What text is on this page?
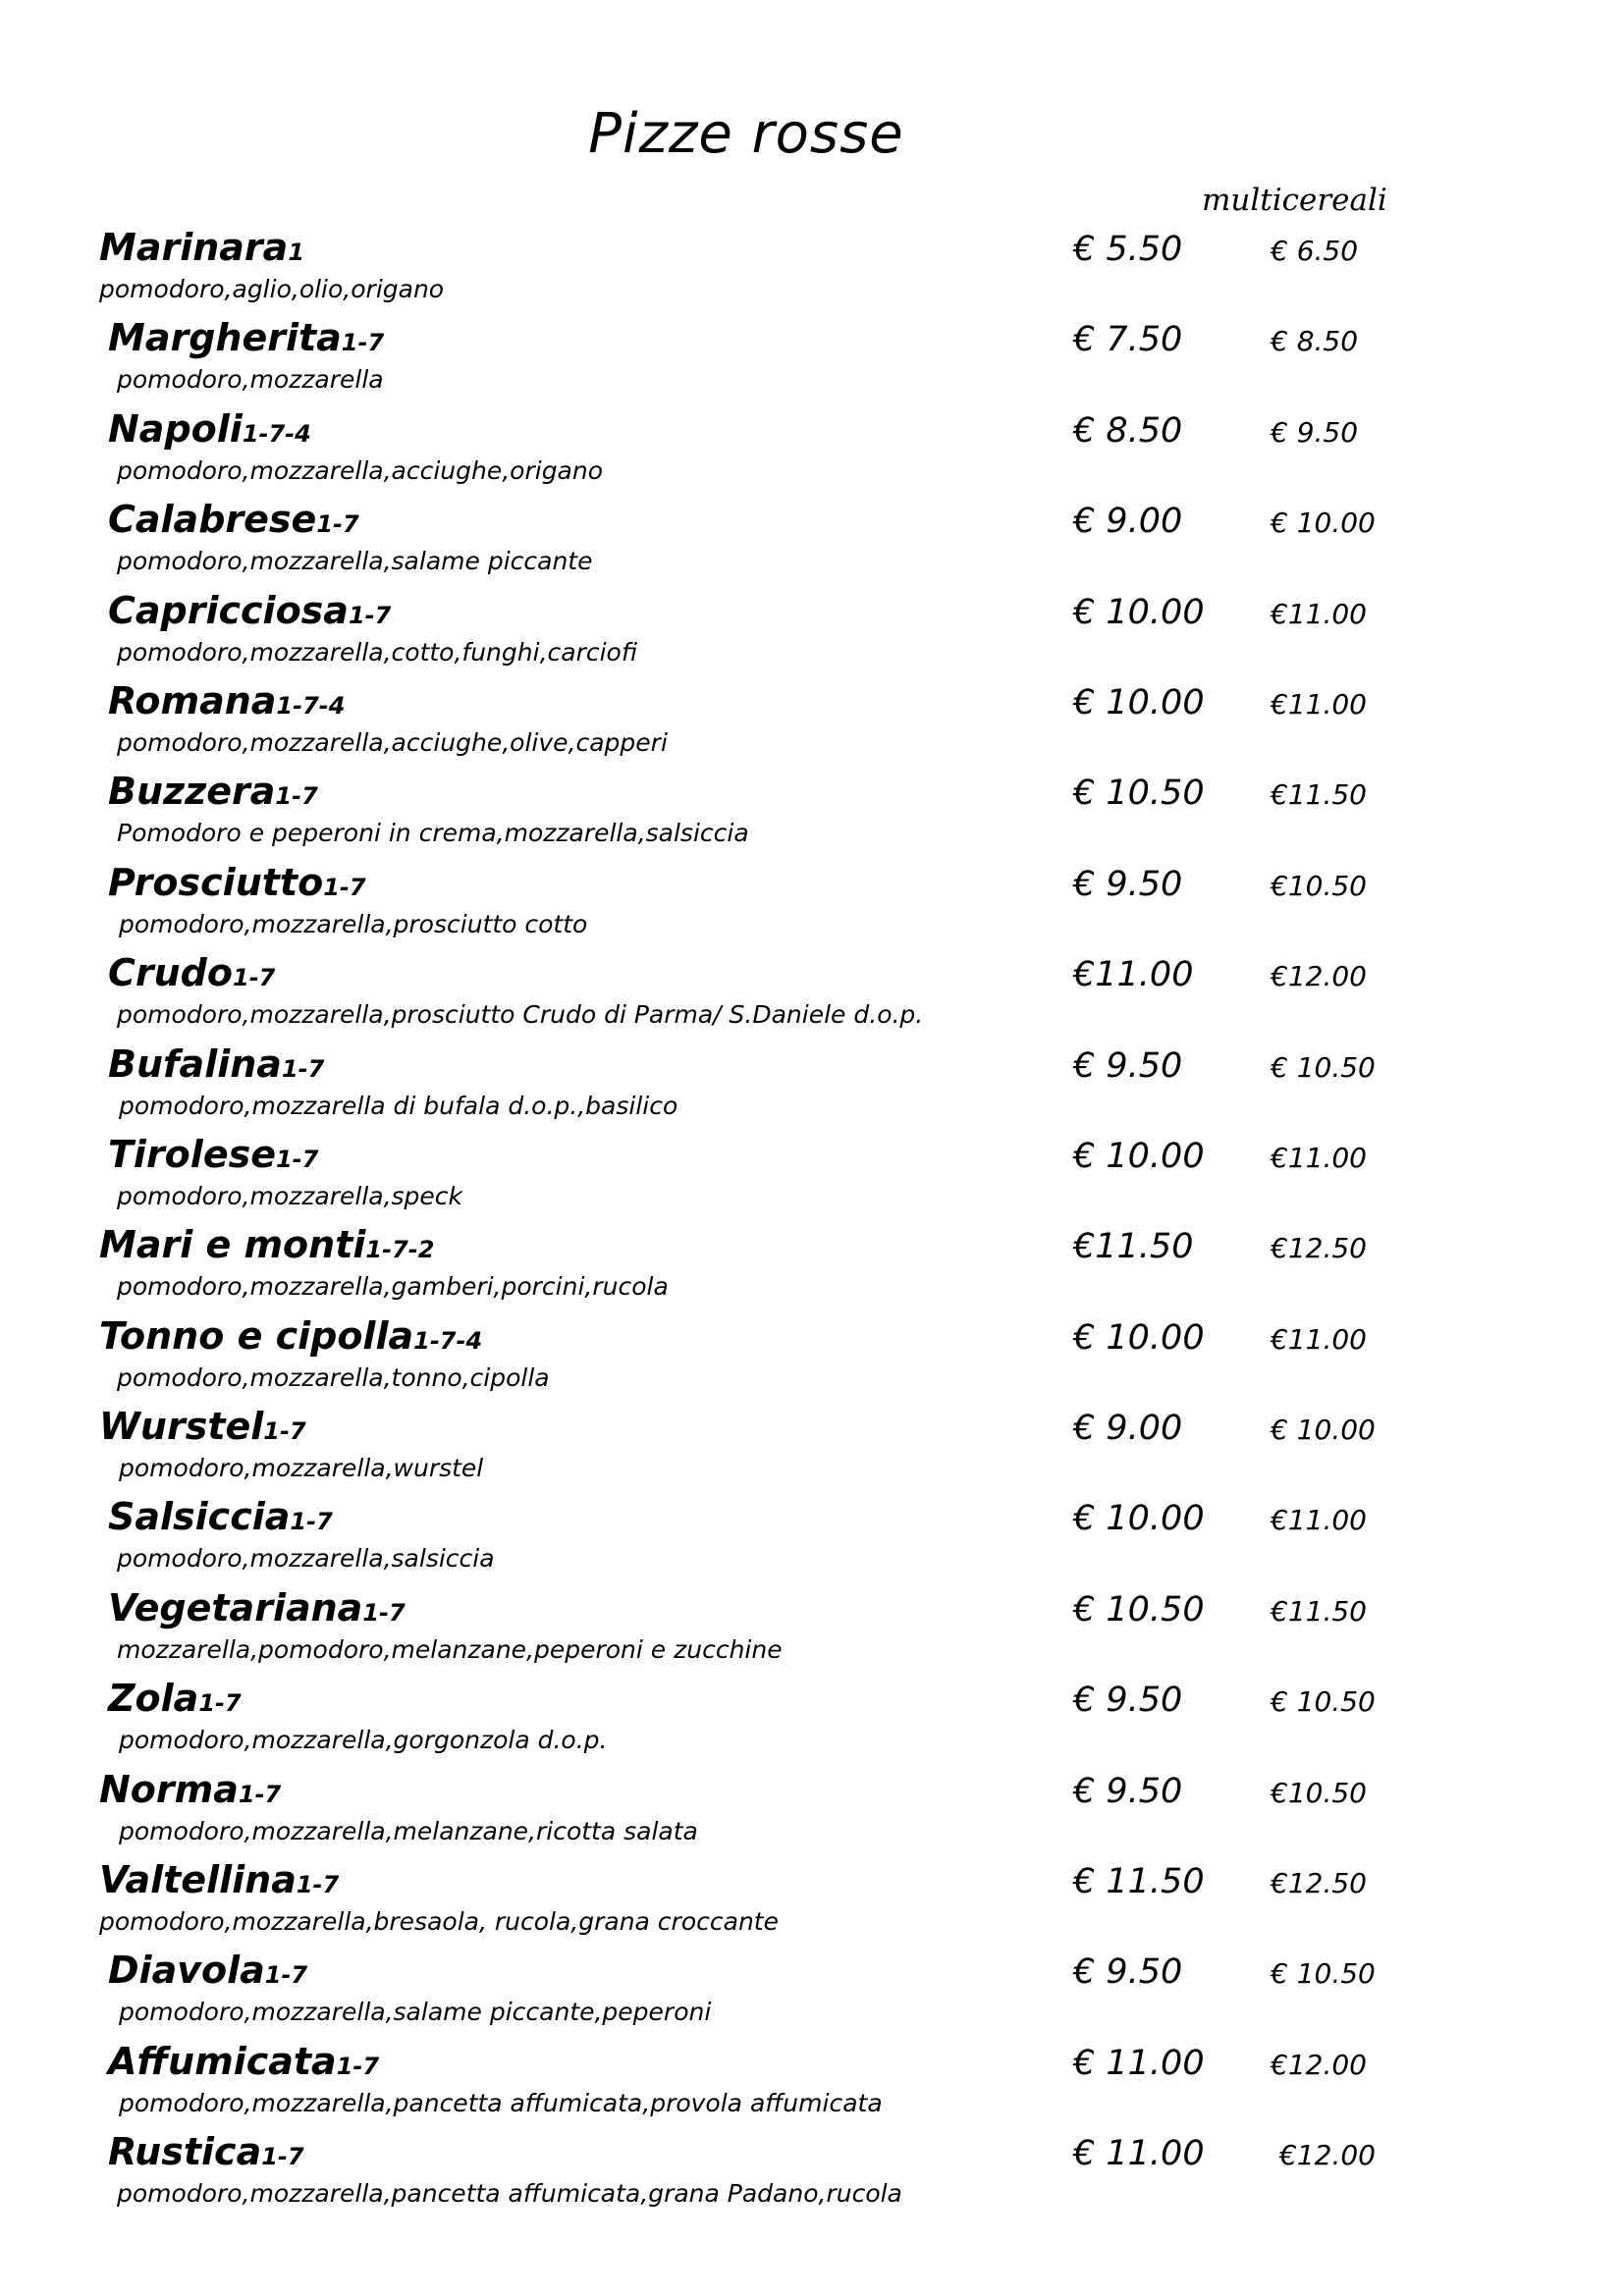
Pizze rosse
multicereali
Marinara1
pomodoro,aglio,olio,origano
€ 5.50	€ 6.50
Margherita1-7
pomodoro,mozzarella
€ 7.50	€ 8.50
Napoli1-7-4
pomodoro,mozzarella,acciughe,origano
€ 8.50	€ 9.50
Calabrese1-7
pomodoro,mozzarella,salame piccante
€ 9.00	€ 10.00
Capricciosa1-7
pomodoro,mozzarella,cotto,funghi,carciofi
€ 10.00 €11.00
Romana1-7-4
pomodoro,mozzarella,acciughe,olive,capperi
€ 10.00 €11.00
Buzzera1-7
Pomodoro e peperoni in crema,mozzarella,salsiccia
€ 10.50 €11.50
Prosciutto1-7
pomodoro,mozzarella,prosciutto cotto
€ 9.50	€10.50
Crudo1-7
pomodoro,mozzarella,prosciutto Crudo di Parma/ S.Daniele d.o.p.
€11.00	€12.00
Bufalina1-7
pomodoro,mozzarella di bufala d.o.p.,basilico
€ 9.50	€ 10.50
Tirolese1-7
pomodoro,mozzarella,speck
€ 10.00 €11.00
Mari e monti1-7-2
pomodoro,mozzarella,gamberi,porcini,rucola
€11.50	€12.50
Tonno e cipolla1-7-4
pomodoro,mozzarella,tonno,cipolla
€ 10.00 €11.00
Wurstel1-7
pomodoro,mozzarella,wurstel
€ 9.00	€ 10.00
Salsiccia1-7
pomodoro,mozzarella,salsiccia
€ 10.00 €11.00
Vegetariana1-7
mozzarella,pomodoro,melanzane,peperoni e zucchine
€ 10.50 €11.50
Zola1-7
pomodoro,mozzarella,gorgonzola d.o.p.
€ 9.50	€ 10.50
Norma1-7
pomodoro,mozzarella,melanzane,ricotta salata
€ 9.50	€10.50
Valtellina1-7
pomodoro,mozzarella,bresaola, rucola,grana croccante
€ 11.50 €12.50
Diavola1-7
pomodoro,mozzarella,salame piccante,peperoni
€ 9.50	€ 10.50
Affumicata1-7
pomodoro,mozzarella,pancetta affumicata,provola affumicata
€ 11.00 €12.00
Rustica1-7
pomodoro,mozzarella,pancetta affumicata,grana Padano,rucola
€ 11.00	€12.00
